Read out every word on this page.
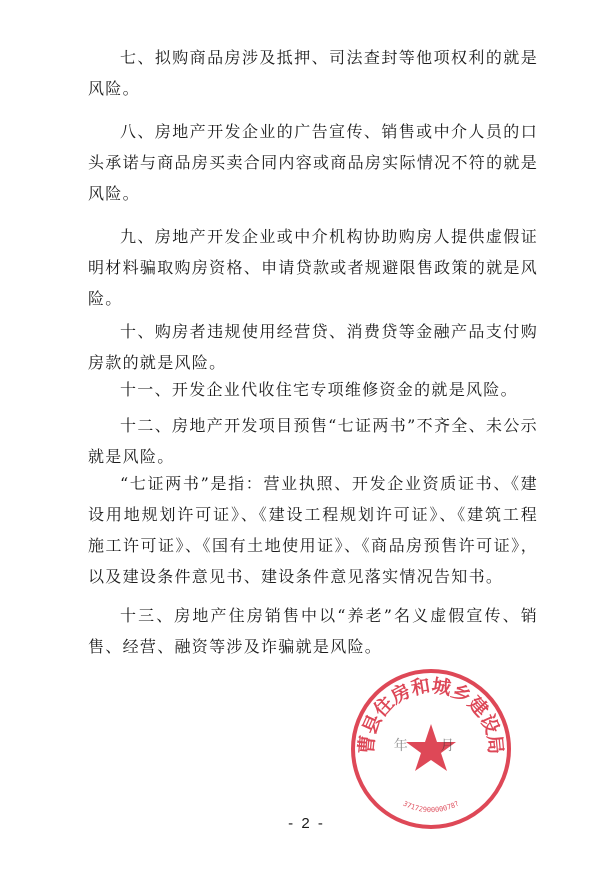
七、拟购商品房涉及抵押、司法查封等他项权利的就是风险。

八、房地产开发企业的广告宣传、销售或中介人员的口头承诺与商品房买卖合同内容或商品房实际情况不符的就是风险。

九、房地产开发企业或中介机构协助购房人提供虚假证明材料骗取购房资格、申请贷款或者规避限售政策的就是风险。

十、购房者违规使用经营贷、消费贷等金融产品支付购房款的就是风险。

十一、开发企业代收住宅专项维修资金的就是风险。

十二、房地产开发项目预售“七证两书”不齐全、未公示就是风险。

“七证两书”是指：营业执照、开发企业资质证书、《建设用地规划许可证》、《建设工程规划许可证》、《建筑工程施工许可证》、《国有土地使用证》、《商品房预售许可证》，以及建设条件意见书、建设条件意见落实情况告知书。

十三、房地产住房销售中以“养老”名义虚假宣传、销售、经营、融资等涉及诈骗就是风险。

曹县住房和城乡建设局
3717290000078?
年 月
- 2 -
